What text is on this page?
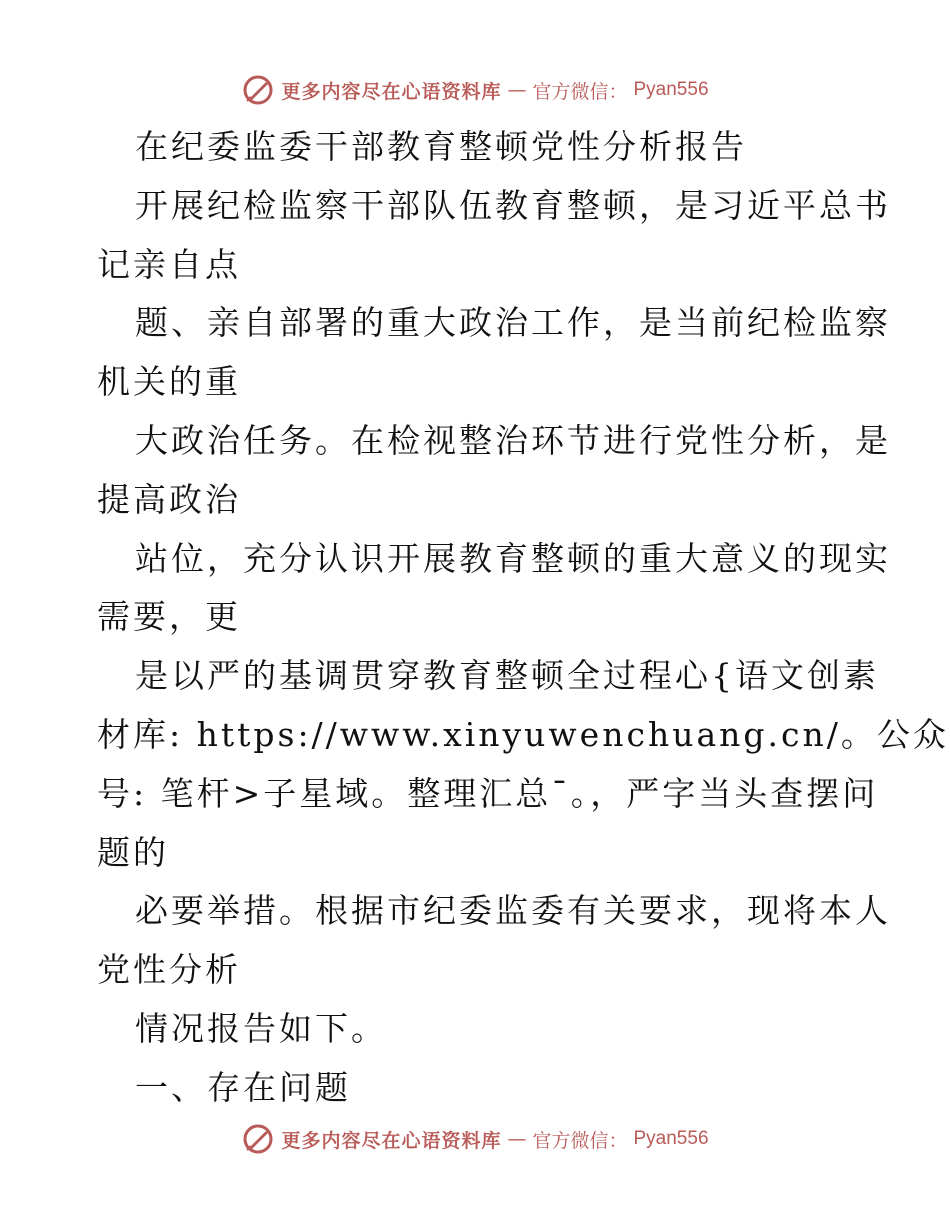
更多内容尽在心语资料库 — 官方微信： Pyan556
在纪委监委干部教育整顿党性分析报告
开展纪检监察干部队伍教育整顿，是习近平总书
记亲自点
题、亲自部署的重大政治工作，是当前纪检监察
机关的重
大政治任务。在检视整治环节进行党性分析，是
提高政治
站位，充分认识开展教育整顿的重大意义的现实
需要，更
是以严的基调贯穿教育整顿全过程心{语文创素
材库: https://www.xinyuwenchuang.cn/。公众
号: 笔杆>子星域。整理汇总¯。，严字当头查摆问
题的
必要举措。根据市纪委监委有关要求，现将本人
党性分析
情况报告如下。
一、存在问题
更多内容尽在心语资料库 — 官方微信： Pyan556
